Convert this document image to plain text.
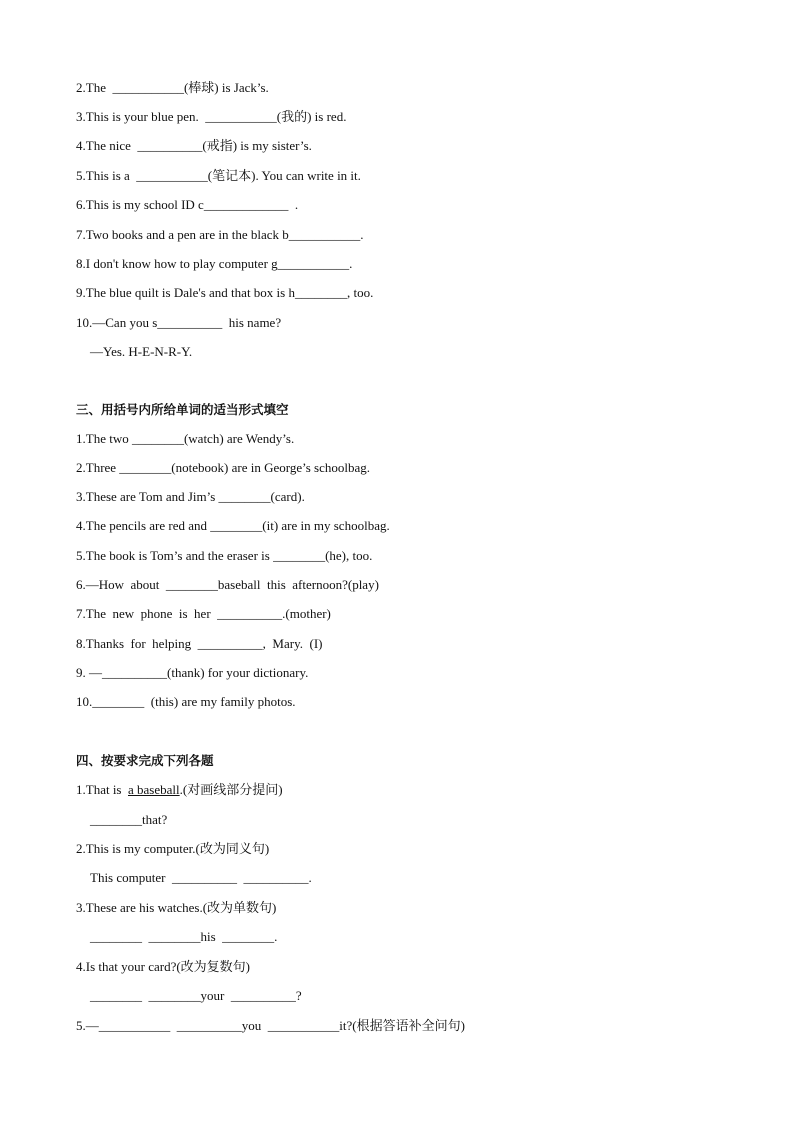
2.The  ___________(棒球) is Jack’s.
3.This is your blue pen.  ___________(我的) is red.
4.The nice  __________(戒指) is my sister’s.
5.This is a  ___________(笔记本). You can write in it.
6.This is my school ID c_____________  .
7.Two books and a pen are in the black b___________.
8.I don't know how to play computer g___________.
9.The blue quilt is Dale's and that box is h________, too.
10.—Can you s__________  his name?
—Yes. H-E-N-R-Y.
三、用括号内所给单词的适当形式填空
1.The two ________(watch) are Wendy’s.
2.Three ________(notebook) are in George’s schoolbag.
3.These are Tom and Jim’s ________(card).
4.The pencils are red and ________(it) are in my schoolbag.
5.The book is Tom’s and the eraser is ________(he), too.
6.—How  about  ________baseball  this  afternoon?(play)
7.The  new  phone  is  her  __________.(mother)
8.Thanks  for  helping  __________,  Mary.  (I)
9. —__________(thank) for your dictionary.
10.________  (this) are my family photos.
四、按要求完成下列各题
1.That is  a baseball.(对画线部分提问)
________that?
2.This is my computer.(改为同义句)
This computer  __________  __________.
3.These are his watches.(改为单数句)
________  ________his  ________.
4.Is that your card?(改为复数句)
________  ________your  __________?
5.—___________  __________you  ___________it?(根据答语补全问句)
